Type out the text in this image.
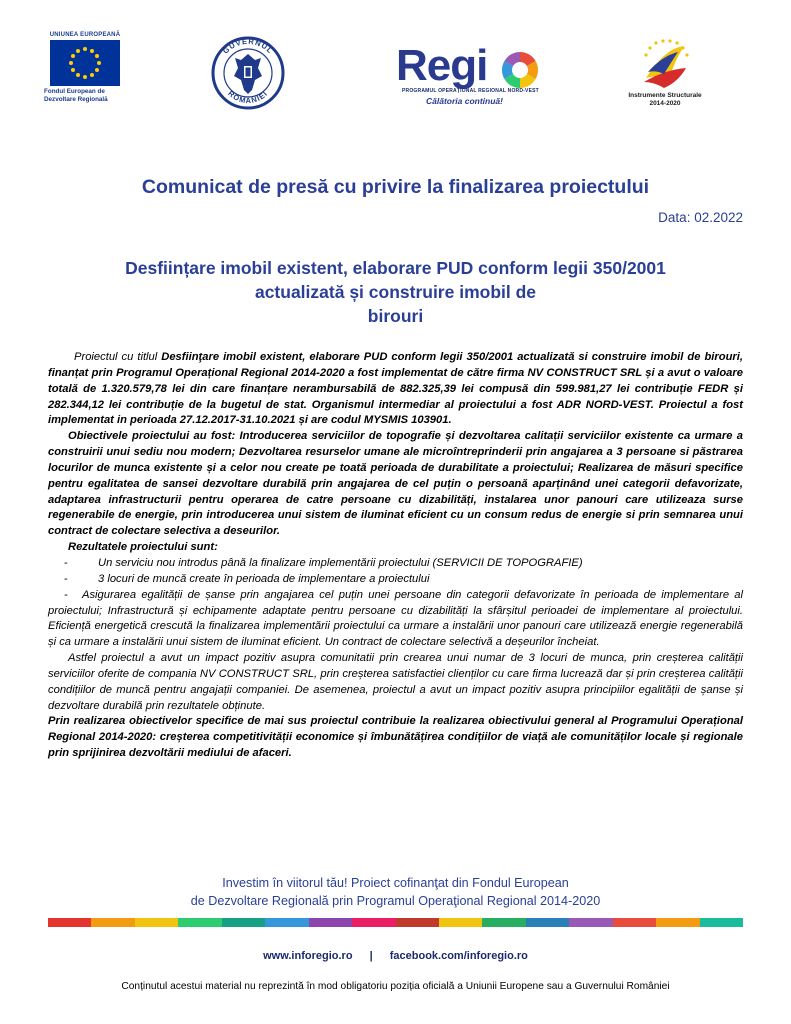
UNIUNEA EUROPEANĂ
Fondul European de
Dezvoltare Regională
GUVERNUL
ROMÂNIEI
Regi
PROGRAMUL OPERAȚIONAL REGIONAL NORD-VEST
Călătoria continuă!
Instrumente Structurale
2014-2020
Comunicat de presă cu privire la finalizarea proiectului
Data: 02.2022
Desființare imobil existent, elaborare PUD conform legii 350/2001
actualizată și construire imobil de
birouri

Proiectul cu titlul Desfiinţare imobil existent, elaborare PUD conform legii 350/2001 actualizată si construire imobil de birouri, finanțat prin Programul Operațional Regional 2014-2020 a fost implementat de către firma NV CONSTRUCT SRL și a avut o valoare totală de 1.320.579,78 lei din care finanțare nerambursabilă de 882.325,39 lei compusă din 599.981,27 lei contribuție FEDR și 282.344,12 lei contribuție de la bugetul de stat. Organismul intermediar al proiectului a fost ADR NORD-VEST. Proiectul a fost implementat in perioada 27.12.2017-31.10.2021 și are codul MYSMIS 103901.

Obiectivele proiectului au fost: Introducerea serviciilor de topografie și dezvoltarea calitații serviciilor existente ca urmare a construirii unui sediu nou modern; Dezvoltarea resurselor umane ale microîntreprinderii prin angajarea a 3 persoane si păstrarea locurilor de munca existente și a celor nou create pe toată perioada de durabilitate a proiectului; Realizarea de măsuri specifice pentru egalitatea de sansei dezvoltare durabilă prin angajarea de cel puțin o persoană aparținând unei categorii defavorizate, adaptarea infrastructurii pentru operarea de catre persoane cu dizabilități, instalarea unor panouri care utilizeaza surse regenerabile de energie, prin introducerea unui sistem de iluminat eficient cu un consum redus de energie si prin semnarea unui contract de colectare selectiva a deseurilor.

Rezultatele proiectului sunt:

-	Un serviciu nou introdus până la finalizare implementării proiectului (SERVICII DE TOPOGRAFIE)
-	3 locuri de muncă create în perioada de implementare a proiectului

- Asigurarea egalității de șanse prin angajarea cel puțin unei persoane din categorii defavorizate în perioada de implementare al proiectului; Infrastructură și echipamente adaptate pentru persoane cu dizabilități la sfârșitul perioadei de implementare al proiectului. Eficiență energetică crescută la finalizarea implementării proiectului ca urmare a instalării unor panouri care utilizează energie regenerabilă și ca urmare a instalării unui sistem de iluminat eficient. Un contract de colectare selectivă a deșeurilor încheiat.

Astfel proiectul a avut un impact pozitiv asupra comunitatii prin crearea unui numar de 3 locuri de munca, prin creșterea calității serviciilor oferite de compania NV CONSTRUCT SRL, prin creșterea satisfactiei clienților cu care firma lucrează dar și prin creșterea calității condițiilor de muncă pentru angajații companiei. De asemenea, proiectul a avut un impact pozitiv asupra principiilor egalității de șanse și dezvoltare durabilă prin rezultatele obținute.

Prin realizarea obiectivelor specifice de mai sus proiectul contribuie la realizarea obiectivului general al Programului Operațional Regional 2014-2020: creșterea competitivității economice și îmbunătățirea condițiilor de viață ale comunităților locale și regionale prin sprijinirea dezvoltării mediului de afaceri.

Investim în viitorul tău! Proiect cofinanţat din Fondul European
de Dezvoltare Regională prin Programul Operaţional Regional 2014-2020
www.inforegio.ro | facebook.com/inforegio.ro
Conținutul acestui material nu reprezintă în mod obligatoriu poziția oficială a Uniunii Europene sau a Guvernului României
